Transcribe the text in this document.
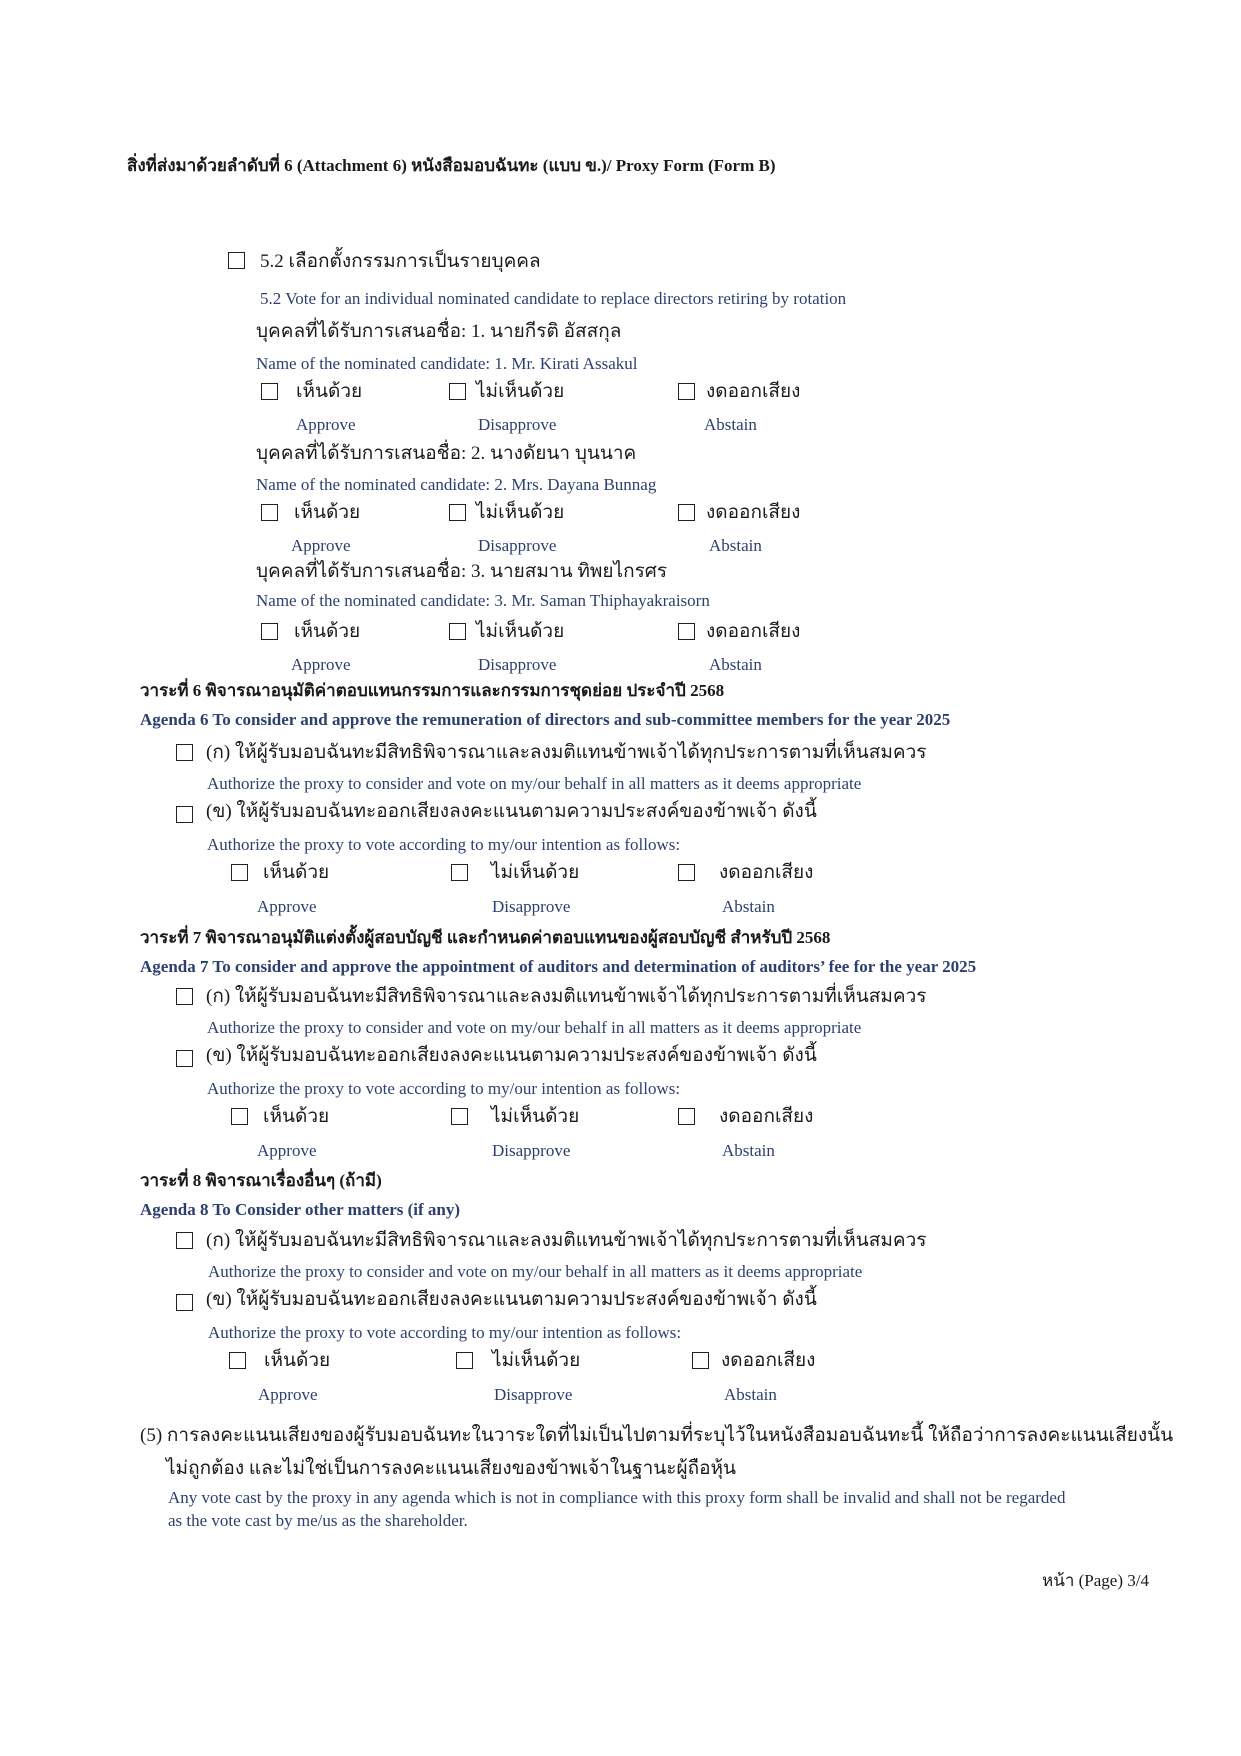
สิ่งที่ส่งมาด้วยลำดับที่ 6 (Attachment 6) หนังสือมอบฉันทะ (แบบ ข.)/ Proxy Form (Form B)
5.2 เลือกตั้งกรรมการเป็นรายบุคคล
5.2 Vote for an individual nominated candidate to replace directors retiring by rotation
บุคคลที่ได้รับการเสนอชื่อ: 1. นายกีรติ อัสสกุล
Name of the nominated candidate: 1. Mr. Kirati Assakul
เห็นด้วย	ไม่เห็นด้วย	งดออกเสียง
Approve	Disapprove	Abstain
บุคคลที่ได้รับการเสนอชื่อ: 2. นางดัยนา บุนนาค
Name of the nominated candidate: 2. Mrs. Dayana Bunnag
เห็นด้วย	ไม่เห็นด้วย	งดออกเสียง
Approve	Disapprove	Abstain
บุคคลที่ได้รับการเสนอชื่อ: 3. นายสมาน ทิพยไกรศร
Name of the nominated candidate: 3. Mr. Saman Thiphayakraisorn
เห็นด้วย	ไม่เห็นด้วย	งดออกเสียง
Approve	Disapprove	Abstain
วาระที่ 6 พิจารณาอนุมัติค่าตอบแทนกรรมการและกรรมการชุดย่อย ประจำปี 2568
Agenda 6 To consider and approve the remuneration of directors and sub-committee members for the year 2025
(ก) ให้ผู้รับมอบฉันทะมีสิทธิพิจารณาและลงมติแทนข้าพเจ้าได้ทุกประการตามที่เห็นสมควร
Authorize the proxy to consider and vote on my/our behalf in all matters as it deems appropriate
(ข) ให้ผู้รับมอบฉันทะออกเสียงลงคะแนนตามความประสงค์ของข้าพเจ้า ดังนี้
Authorize the proxy to vote according to my/our intention as follows:
เห็นด้วย	ไม่เห็นด้วย	งดออกเสียง
Approve	Disapprove	Abstain
วาระที่ 7 พิจารณาอนุมัติแต่งตั้งผู้สอบบัญชี และกำหนดค่าตอบแทนของผู้สอบบัญชี สำหรับปี 2568
Agenda 7 To consider and approve the appointment of auditors and determination of auditors’ fee for the year 2025
(ก) ให้ผู้รับมอบฉันทะมีสิทธิพิจารณาและลงมติแทนข้าพเจ้าได้ทุกประการตามที่เห็นสมควร
Authorize the proxy to consider and vote on my/our behalf in all matters as it deems appropriate
(ข) ให้ผู้รับมอบฉันทะออกเสียงลงคะแนนตามความประสงค์ของข้าพเจ้า ดังนี้
Authorize the proxy to vote according to my/our intention as follows:
เห็นด้วย	ไม่เห็นด้วย	งดออกเสียง
Approve	Disapprove	Abstain
วาระที่ 8 พิจารณาเรื่องอื่นๆ (ถ้ามี)
Agenda 8 To Consider other matters (if any)
(ก) ให้ผู้รับมอบฉันทะมีสิทธิพิจารณาและลงมติแทนข้าพเจ้าได้ทุกประการตามที่เห็นสมควร
Authorize the proxy to consider and vote on my/our behalf in all matters as it deems appropriate
(ข) ให้ผู้รับมอบฉันทะออกเสียงลงคะแนนตามความประสงค์ของข้าพเจ้า ดังนี้
Authorize the proxy to vote according to my/our intention as follows:
เห็นด้วย	ไม่เห็นด้วย	งดออกเสียง
Approve	Disapprove	Abstain
(5) การลงคะแนนเสียงของผู้รับมอบฉันทะในวาระใดที่ไม่เป็นไปตามที่ระบุไว้ในหนังสือมอบฉันทะนี้ ให้ถือว่าการลงคะแนนเสียงนั้น
ไม่ถูกต้อง และไม่ใช่เป็นการลงคะแนนเสียงของข้าพเจ้าในฐานะผู้ถือหุ้น
Any vote cast by the proxy in any agenda which is not in compliance with this proxy form shall be invalid and shall not be regarded
as the vote cast by me/us as the shareholder.
หน้า (Page) 3/4
